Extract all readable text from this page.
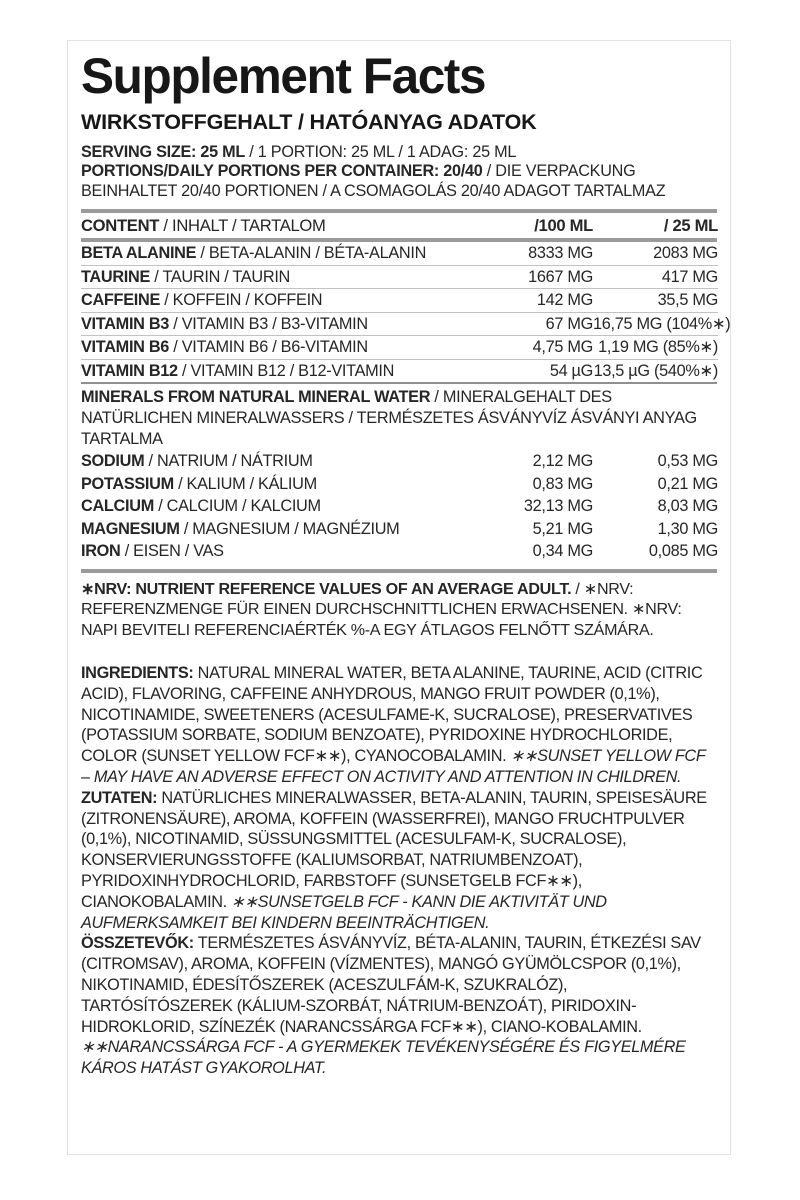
Supplement Facts
WIRKSTOFFGEHALT / HATÓANYAG ADATOK
SERVING SIZE: 25 ML / 1 PORTION: 25 ML / 1 ADAG: 25 ML
PORTIONS/DAILY PORTIONS PER CONTAINER: 20/40 / DIE VERPACKUNG
BEINHALTET 20/40 PORTIONEN / A CSOMAGOLÁS 20/40 ADAGOT TARTALMAZ
CONTENT / INHALT / TARTALOM	/100 ML	/ 25 ML
BETA ALANINE / BETA-ALANIN / BÉTA-ALANIN	8333 MG	2083 MG

TAURINE / TAURIN / TAURIN	1667 MG	417 MG

CAFFEINE / KOFFEIN / KOFFEIN	142 MG	35,5 MG

VITAMIN B3 / VITAMIN B3 / B3-VITAMIN	67 MG	16,75 MG (104%∗)

VITAMIN B6 / VITAMIN B6 / B6-VITAMIN	4,75 MG	1,19 MG (85%∗)

VITAMIN B12 / VITAMIN B12 / B12-VITAMIN	54 µG	13,5 µG (540%∗)
MINERALS FROM NATURAL MINERAL WATER / MINERALGEHALT DES NATÜRLICHEN MINERALWASSERS / TERMÉSZETES ÁSVÁNYVÍZ ÁSVÁNYI ANYAG TARTALMA
SODIUM / NATRIUM / NÁTRIUM	2,12 MG	0,53 MG
POTASSIUM / KALIUM / KÁLIUM	0,83 MG	0,21 MG
CALCIUM / CALCIUM / KALCIUM	32,13 MG	8,03 MG
MAGNESIUM / MAGNESIUM / MAGNÉZIUM	5,21 MG	1,30 MG
IRON / EISEN / VAS	0,34 MG	0,085 MG
∗NRV: NUTRIENT REFERENCE VALUES OF AN AVERAGE ADULT. / ∗NRV: REFERENZMENGE FÜR EINEN DURCHSCHNITTLICHEN ERWACHSENEN. ∗NRV: NAPI BEVITELI REFERENCIAÉRTÉK %-A EGY ÁTLAGOS FELNŐTT SZÁMÁRA.
INGREDIENTS: NATURAL MINERAL WATER, BETA ALANINE, TAURINE, ACID (CITRIC ACID), FLAVORING, CAFFEINE ANHYDROUS, MANGO FRUIT POWDER (0,1%), NICOTINAMIDE, SWEETENERS (ACESULFAME-K, SUCRALOSE), PRESERVATIVES (POTASSIUM SORBATE, SODIUM BENZOATE), PYRIDOXINE HYDROCHLORIDE, COLOR (SUNSET YELLOW FCF∗∗), CYANOCOBALAMIN. ∗∗SUNSET YELLOW FCF – MAY HAVE AN ADVERSE EFFECT ON ACTIVITY AND ATTENTION IN CHILDREN.
ZUTATEN: NATÜRLICHES MINERALWASSER, BETA-ALANIN, TAURIN, SPEISESÄURE (ZITRONENSÄURE), AROMA, KOFFEIN (WASSERFREI), MANGO FRUCHTPULVER (0,1%), NICOTINAMID, SÜSSUNGSMITTEL (ACESULFAM-K, SUCRALOSE), KONSERVIERUNGSSTOFFE (KALIUMSORBAT, NATRIUMBENZOAT), PYRIDOXINHYDROCHLORID, FARBSTOFF (SUNSETGELB FCF∗∗), CIANOKOBALAMIN. ∗∗SUNSETGELB FCF - KANN DIE AKTIVITÄT UND AUFMERKSAMKEIT BEI KINDERN BEEINTRÄCHTIGEN.
ÖSSZETEVŐK: TERMÉSZETES ÁSVÁNYVÍZ, BÉTA-ALANIN, TAURIN, ÉTKEZÉSI SAV (CITROMSAV), AROMA, KOFFEIN (VÍZMENTES), MANGÓ GYÜMÖLCSPOR (0,1%), NIKOTINAMID, ÉDESÍTŐSZEREK (ACESZULFÁM-K, SZUKRALÓZ), TARTÓSÍTÓSZEREK (KÁLIUM-SZORBÁT, NÁTRIUM-BENZOÁT), PIRIDOXIN-HIDROKLORID, SZÍNEZÉK (NARANCSSÁRGA FCF∗∗), CIANO-KOBALAMIN. ∗∗NARANCSSÁRGA FCF - A GYERMEKEK TEVÉKENYSÉGÉRE ÉS FIGYELMÉRE KÁROS HATÁST GYAKOROLHAT.
